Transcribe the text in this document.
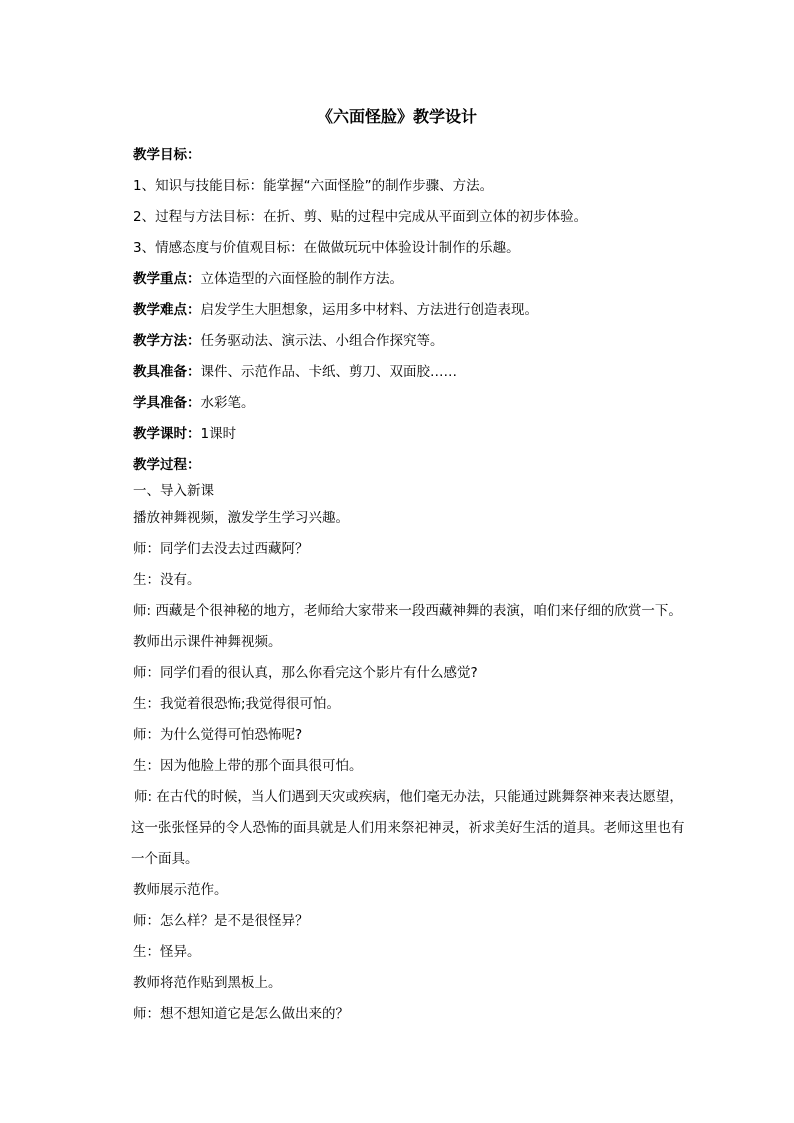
《六面怪脸》教学设计
教学目标：
1、知识与技能目标：能掌握“六面怪脸”的制作步骤、方法。
2、过程与方法目标：在折、剪、贴的过程中完成从平面到立体的初步体验。
3、情感态度与价值观目标：在做做玩玩中体验设计制作的乐趣。
教学重点：立体造型的六面怪脸的制作方法。
教学难点：启发学生大胆想象，运用多中材料、方法进行创造表现。
教学方法：任务驱动法、演示法、小组合作探究等。
教具准备：课件、示范作品、卡纸、剪刀、双面胶……
学具准备：水彩笔。
教学课时：1课时
教学过程：
一、导入新课
播放神舞视频，激发学生学习兴趣。
师：同学们去没去过西藏阿？
生：没有。
师: 西藏是个很神秘的地方，老师给大家带来一段西藏神舞的表演，咱们来仔细的欣赏一下。
教师出示课件神舞视频。
师：同学们看的很认真，那么你看完这个影片有什么感觉?
生：我觉着很恐怖;我觉得很可怕。
师：为什么觉得可怕恐怖呢?
生：因为他脸上带的那个面具很可怕。
师: 在古代的时候，当人们遇到天灾或疾病，他们毫无办法，只能通过跳舞祭神来表达愿望，这一张张怪异的令人恐怖的面具就是人们用来祭祀神灵，祈求美好生活的道具。老师这里也有一个面具。
教师展示范作。
师：怎么样？是不是很怪异？
生：怪异。
教师将范作贴到黑板上。
师：想不想知道它是怎么做出来的？
